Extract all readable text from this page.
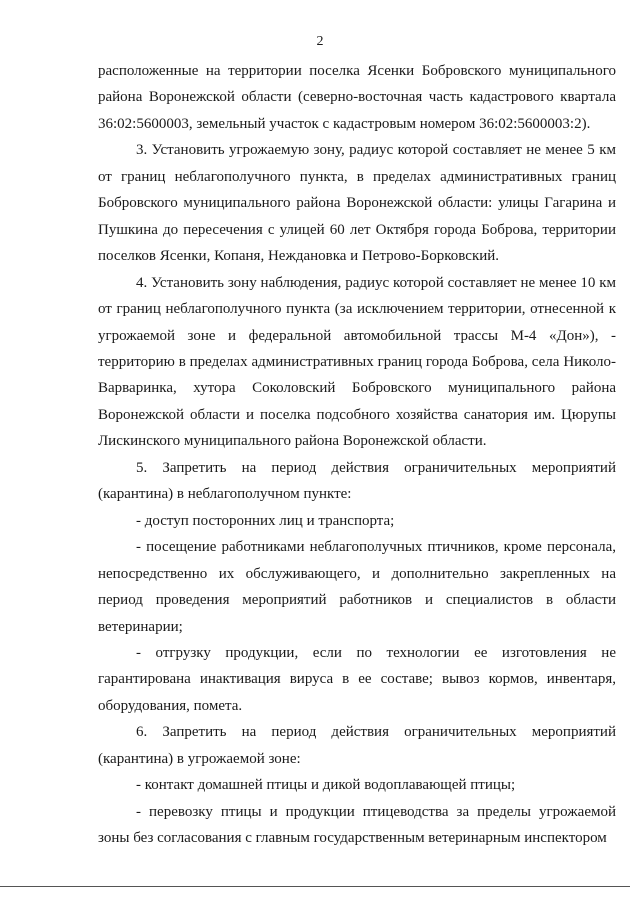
2

расположенные на территории поселка Ясенки Бобровского муниципального района Воронежской области (северно-восточная часть кадастрового квартала 36:02:5600003, земельный участок с кадастровым номером 36:02:5600003:2).

3. Установить угрожаемую зону, радиус которой составляет не менее 5 км от границ неблагополучного пункта, в пределах административных границ Бобровского муниципального района Воронежской области: улицы Гагарина и Пушкина до пересечения с улицей 60 лет Октября города Боброва, территории поселков Ясенки, Копаня, Неждановка и Петрово-Борковский.

4. Установить зону наблюдения, радиус которой составляет не менее 10 км от границ неблагополучного пункта (за исключением территории, отнесенной к угрожаемой зоне и федеральной автомобильной трассы М-4 «Дон»), - территорию в пределах административных границ города Боброва, села Николо-Варваринка, хутора Соколовский Бобровского муниципального района Воронежской области и поселка подсобного хозяйства санатория им. Цюрупы Лискинского муниципального района Воронежской области.

5. Запретить на период действия ограничительных мероприятий (карантина) в неблагополучном пункте:

- доступ посторонних лиц и транспорта;

- посещение работниками неблагополучных птичников, кроме персонала, непосредственно их обслуживающего, и дополнительно закрепленных на период проведения мероприятий работников и специалистов в области ветеринарии;

- отгрузку продукции, если по технологии ее изготовления не гарантирована инактивация вируса в ее составе; вывоз кормов, инвентаря, оборудования, помета.

6. Запретить на период действия ограничительных мероприятий (карантина) в угрожаемой зоне:

- контакт домашней птицы и дикой водоплавающей птицы;

- перевозку птицы и продукции птицеводства за пределы угрожаемой зоны без согласования с главным государственным ветеринарным инспектором
